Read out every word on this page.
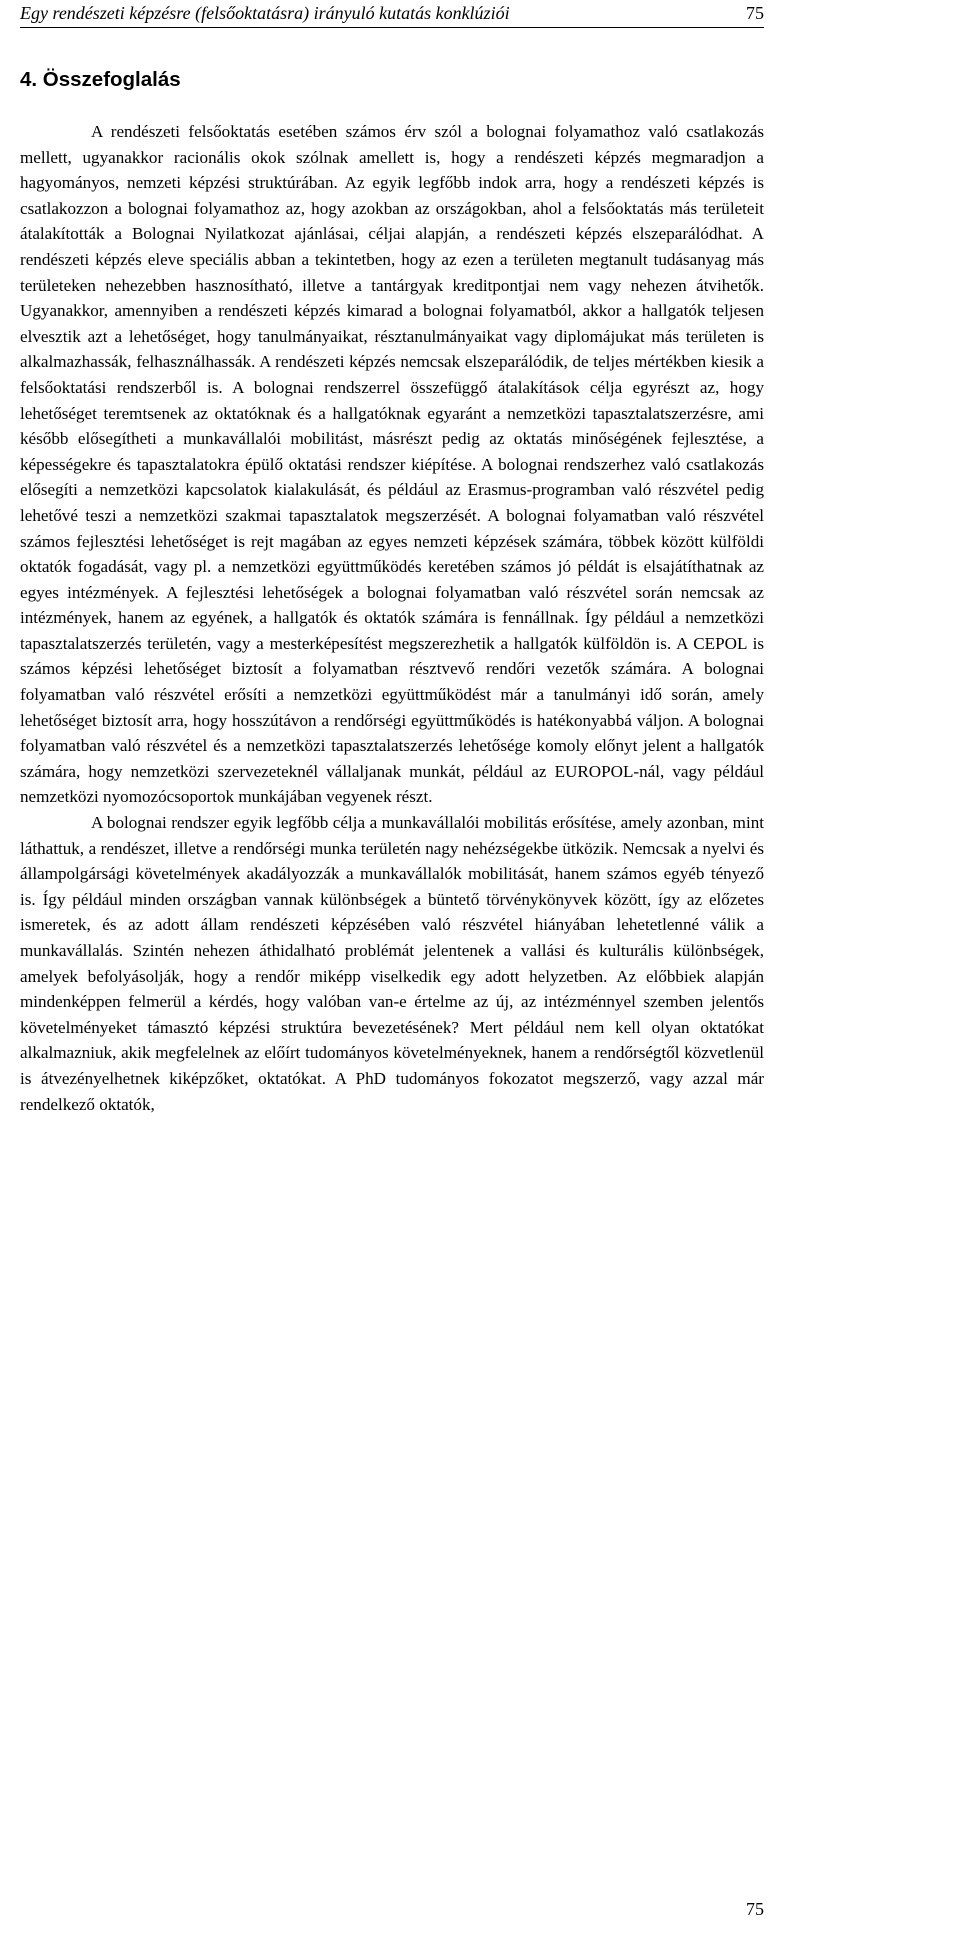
Egy rendészeti képzésre (felsőoktatásra) irányuló kutatás konklúziói	75
4. Összefoglalás

A rendészeti felsőoktatás esetében számos érv szól a bolognai folyamathoz való csatlakozás mellett, ugyanakkor racionális okok szólnak amellett is, hogy a rendészeti képzés megmaradjon a hagyományos, nemzeti képzési struktúrában. Az egyik legfőbb indok arra, hogy a rendészeti képzés is csatlakozzon a bolognai folyamathoz az, hogy azokban az országokban, ahol a felsőoktatás más területeit átalakították a Bolognai Nyilatkozat ajánlásai, céljai alapján, a rendészeti képzés elszeparálódhat. A rendészeti képzés eleve speciális abban a tekintetben, hogy az ezen a területen megtanult tudásanyag más területeken nehezebben hasznosítható, illetve a tantárgyak kreditpontjai nem vagy nehezen átvihetők. Ugyanakkor, amennyiben a rendészeti képzés kimarad a bolognai folyamatból, akkor a hallgatók teljesen elvesztik azt a lehetőséget, hogy tanulmányaikat, résztanulmányaikat vagy diplomájukat más területen is alkalmazhassák, felhasználhassák. A rendészeti képzés nemcsak elszeparálódik, de teljes mértékben kiesik a felsőoktatási rendszerből is. A bolognai rendszerrel összefüggő átalakítások célja egyrészt az, hogy lehetőséget teremtsenek az oktatóknak és a hallgatóknak egyaránt a nemzetközi tapasztalatszerzésre, ami később elősegítheti a munkavállalói mobilitást, másrészt pedig az oktatás minőségének fejlesztése, a képességekre és tapasztalatokra épülő oktatási rendszer kiépítése. A bolognai rendszerhez való csatlakozás elősegíti a nemzetközi kapcsolatok kialakulását, és például az Erasmus-programban való részvétel pedig lehetővé teszi a nemzetközi szakmai tapasztalatok megszerzését. A bolognai folyamatban való részvétel számos fejlesztési lehetőséget is rejt magában az egyes nemzeti képzések számára, többek között külföldi oktatók fogadását, vagy pl. a nemzetközi együttműködés keretében számos jó példát is elsajátíthatnak az egyes intézmények. A fejlesztési lehetőségek a bolognai folyamatban való részvétel során nemcsak az intézmények, hanem az egyének, a hallgatók és oktatók számára is fennállnak. Így például a nemzetközi tapasztalatszerzés területén, vagy a mesterképesítést megszerezhetik a hallgatók külföldön is. A CEPOL is számos képzési lehetőséget biztosít a folyamatban résztvevő rendőri vezetők számára. A bolognai folyamatban való részvétel erősíti a nemzetközi együttműködést már a tanulmányi idő során, amely lehetőséget biztosít arra, hogy hosszútávon a rendőrségi együttműködés is hatékonyabbá váljon. A bolognai folyamatban való részvétel és a nemzetközi tapasztalatszerzés lehetősége komoly előnyt jelent a hallgatók számára, hogy nemzetközi szervezeteknél vállaljanak munkát, például az EUROPOL-nál, vagy például nemzetközi nyomozócsoportok munkájában vegyenek részt.

A bolognai rendszer egyik legfőbb célja a munkavállalói mobilitás erősítése, amely azonban, mint láthattuk, a rendészet, illetve a rendőrségi munka területén nagy nehézségekbe ütközik. Nemcsak a nyelvi és állampolgársági követelmények akadályozzák a munkavállalók mobilitását, hanem számos egyéb tényező is. Így például minden országban vannak különbségek a büntető törvénykönyvek között, így az előzetes ismeretek, és az adott állam rendészeti képzésében való részvétel hiányában lehetetlenné válik a munkavállalás. Szintén nehezen áthidalható problémát jelentenek a vallási és kulturális különbségek, amelyek befolyásolják, hogy a rendőr miképp viselkedik egy adott helyzetben. Az előbbiek alapján mindenképpen felmerül a kérdés, hogy valóban van-e értelme az új, az intézménnyel szemben jelentős követelményeket támasztó képzési struktúra bevezetésének? Mert például nem kell olyan oktatókat alkalmazniuk, akik megfelelnek az előírt tudományos követelményeknek, hanem a rendőrségtől közvetlenül is átvezényelhetnek kiképzőket, oktatókat. A PhD tudományos fokozatot megszerző, vagy azzal már rendelkező oktatók,

75
